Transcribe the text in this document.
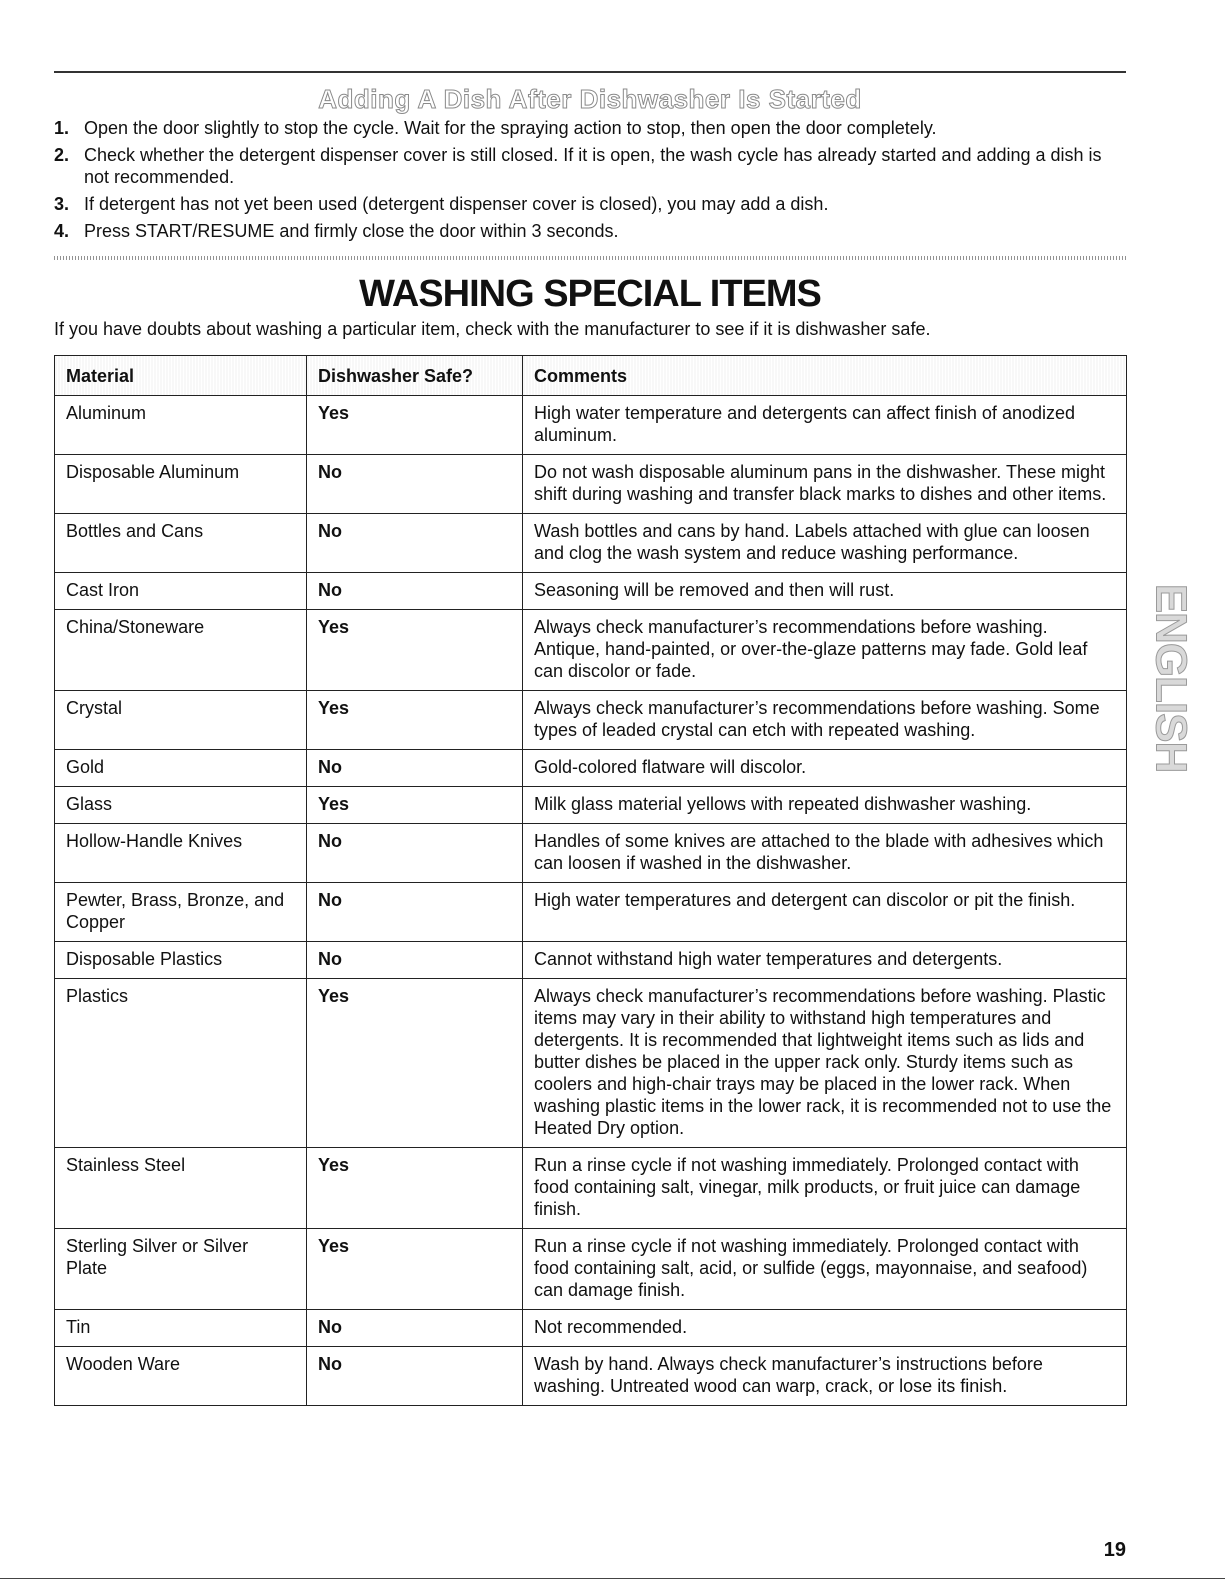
Adding A Dish After Dishwasher Is Started
1. Open the door slightly to stop the cycle. Wait for the spraying action to stop, then open the door completely.
2. Check whether the detergent dispenser cover is still closed. If it is open, the wash cycle has already started and adding a dish is not recommended.
3. If detergent has not yet been used (detergent dispenser cover is closed), you may add a dish.
4. Press START/RESUME and firmly close the door within 3 seconds.
WASHING SPECIAL ITEMS

If you have doubts about washing a particular item, check with the manufacturer to see if it is dishwasher safe.

Material	Dishwasher Safe?	Comments
Aluminum	Yes	High water temperature and detergents can affect finish of anodized aluminum.
Disposable Aluminum	No	Do not wash disposable aluminum pans in the dishwasher. These might shift during washing and transfer black marks to dishes and other items.
Bottles and Cans	No	Wash bottles and cans by hand. Labels attached with glue can loosen and clog the wash system and reduce washing performance.
Cast Iron	No	Seasoning will be removed and then will rust.
China/Stoneware	Yes	Always check manufacturer’s recommendations before washing. Antique, hand-painted, or over-the-glaze patterns may fade. Gold leaf can discolor or fade.
Crystal	Yes	Always check manufacturer’s recommendations before washing. Some types of leaded crystal can etch with repeated washing.
Gold	No	Gold-colored flatware will discolor.
Glass	Yes	Milk glass material yellows with repeated dishwasher washing.
Hollow-Handle Knives	No	Handles of some knives are attached to the blade with adhesives which can loosen if washed in the dishwasher.
Pewter, Brass, Bronze, and Copper	No	High water temperatures and detergent can discolor or pit the finish.
Disposable Plastics	No	Cannot withstand high water temperatures and detergents.
Plastics	Yes	Always check manufacturer’s recommendations before washing. Plastic items may vary in their ability to withstand high temperatures and detergents. It is recommended that lightweight items such as lids and butter dishes be placed in the upper rack only. Sturdy items such as coolers and high-chair trays may be placed in the lower rack. When washing plastic items in the lower rack, it is recommended not to use the Heated Dry option.
Stainless Steel	Yes	Run a rinse cycle if not washing immediately. Prolonged contact with food containing salt, vinegar, milk products, or fruit juice can damage finish.
Sterling Silver or Silver Plate	Yes	Run a rinse cycle if not washing immediately. Prolonged contact with food containing salt, acid, or sulfide (eggs, mayonnaise, and seafood) can damage finish.
Tin	No	Not recommended.
Wooden Ware	No	Wash by hand. Always check manufacturer’s instructions before washing. Untreated wood can warp, crack, or lose its finish.
ENGLISH
19
